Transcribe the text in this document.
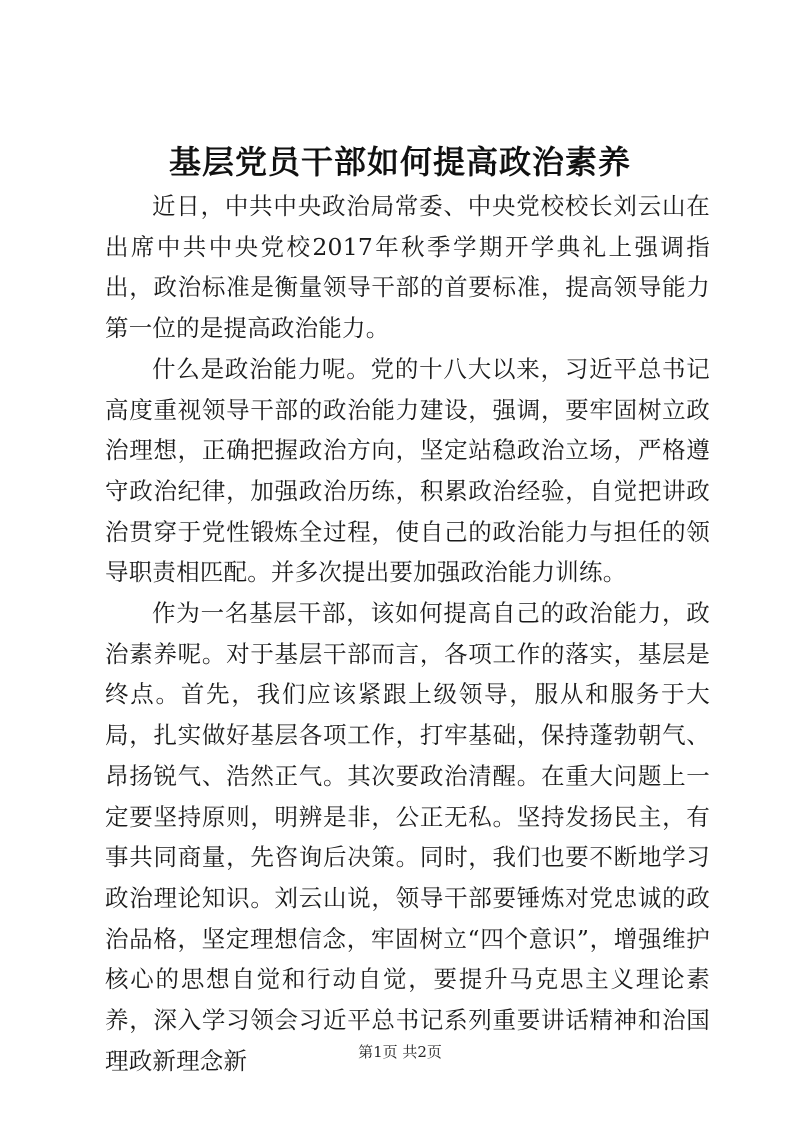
基层党员干部如何提高政治素养

近日，中共中央政治局常委、中央党校校长刘云山在出席中共中央党校2017年秋季学期开学典礼上强调指出，政治标准是衡量领导干部的首要标准，提高领导能力第一位的是提高政治能力。

什么是政治能力呢。党的十八大以来，习近平总书记高度重视领导干部的政治能力建设，强调，要牢固树立政治理想，正确把握政治方向，坚定站稳政治立场，严格遵守政治纪律，加强政治历练，积累政治经验，自觉把讲政治贯穿于党性锻炼全过程，使自己的政治能力与担任的领导职责相匹配。并多次提出要加强政治能力训练。

作为一名基层干部，该如何提高自己的政治能力，政治素养呢。对于基层干部而言，各项工作的落实，基层是终点。首先，我们应该紧跟上级领导，服从和服务于大局，扎实做好基层各项工作，打牢基础，保持蓬勃朝气、昂扬锐气、浩然正气。其次要政治清醒。在重大问题上一定要坚持原则，明辨是非，公正无私。坚持发扬民主，有事共同商量，先咨询后决策。同时，我们也要不断地学习政治理论知识。刘云山说，领导干部要锤炼对党忠诚的政治品格，坚定理想信念，牢固树立“四个意识”，增强维护核心的思想自觉和行动自觉，要提升马克思主义理论素养，深入学习领会习近平总书记系列重要讲话精神和治国理政新理念新	第1页 共2页
